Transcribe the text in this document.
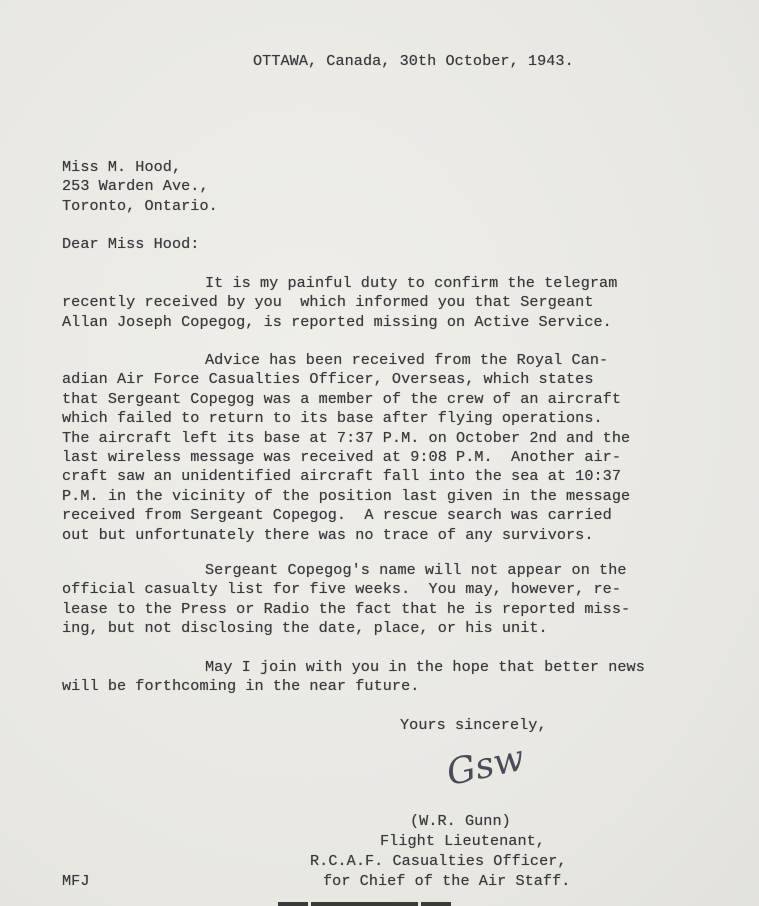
OTTAWA, Canada, 30th October, 1943.
Miss M. Hood,
253 Warden Ave.,
Toronto, Ontario.
Dear Miss Hood:
It is my painful duty to confirm the telegram
recently received by you  which informed you that Sergeant
Allan Joseph Copegog, is reported missing on Active Service.
Advice has been received from the Royal Can-
adian Air Force Casualties Officer, Overseas, which states
that Sergeant Copegog was a member of the crew of an aircraft
which failed to return to its base after flying operations.
The aircraft left its base at 7:37 P.M. on October 2nd and the
last wireless message was received at 9:08 P.M.  Another air-
craft saw an unidentified aircraft fall into the sea at 10:37
P.M. in the vicinity of the position last given in the message
received from Sergeant Copegog.  A rescue search was carried
out but unfortunately there was no trace of any survivors.
Sergeant Copegog's name will not appear on the
official casualty list for five weeks.  You may, however, re-
lease to the Press or Radio the fact that he is reported miss-
ing, but not disclosing the date, place, or his unit.
May I join with you in the hope that better news
will be forthcoming in the near future.
Yours sincerely,
Gsw
(W.R. Gunn)
Flight Lieutenant,
R.C.A.F. Casualties Officer,
for Chief of the Air Staff.
MFJ
